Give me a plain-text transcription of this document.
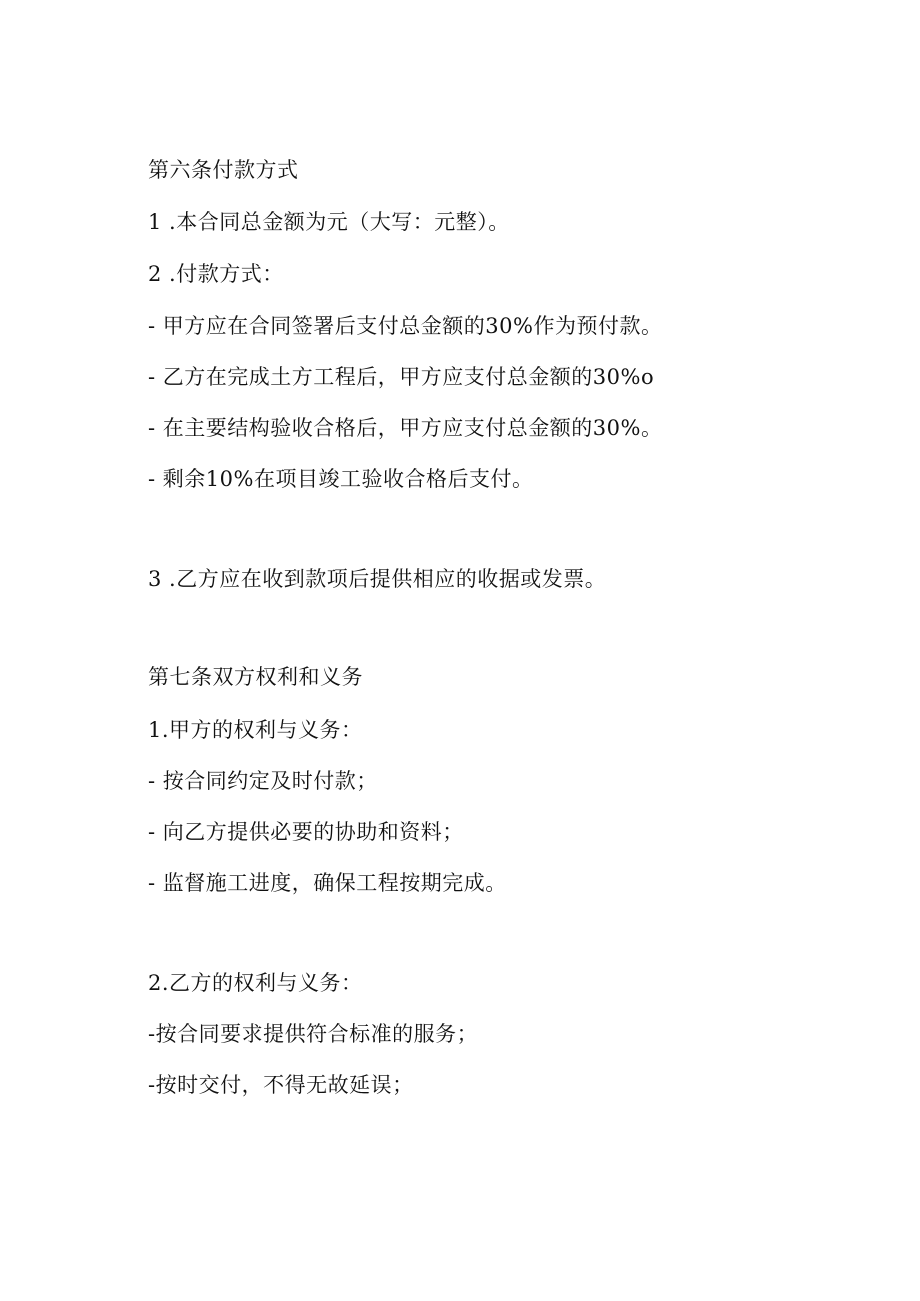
第六条付款方式
1 .本合同总金额为元（大写：元整）。
2 .付款方式：
- 甲方应在合同签署后支付总金额的30%作为预付款。
- 乙方在完成土方工程后，甲方应支付总金额的30%o
- 在主要结构验收合格后，甲方应支付总金额的30%。
- 剩余10%在项目竣工验收合格后支付。
3 .乙方应在收到款项后提供相应的收据或发票。
第七条双方权利和义务
1.甲方的权利与义务：
- 按合同约定及时付款；
- 向乙方提供必要的协助和资料；
- 监督施工进度，确保工程按期完成。
2.乙方的权利与义务：
-按合同要求提供符合标准的服务；
-按时交付，不得无故延误；
